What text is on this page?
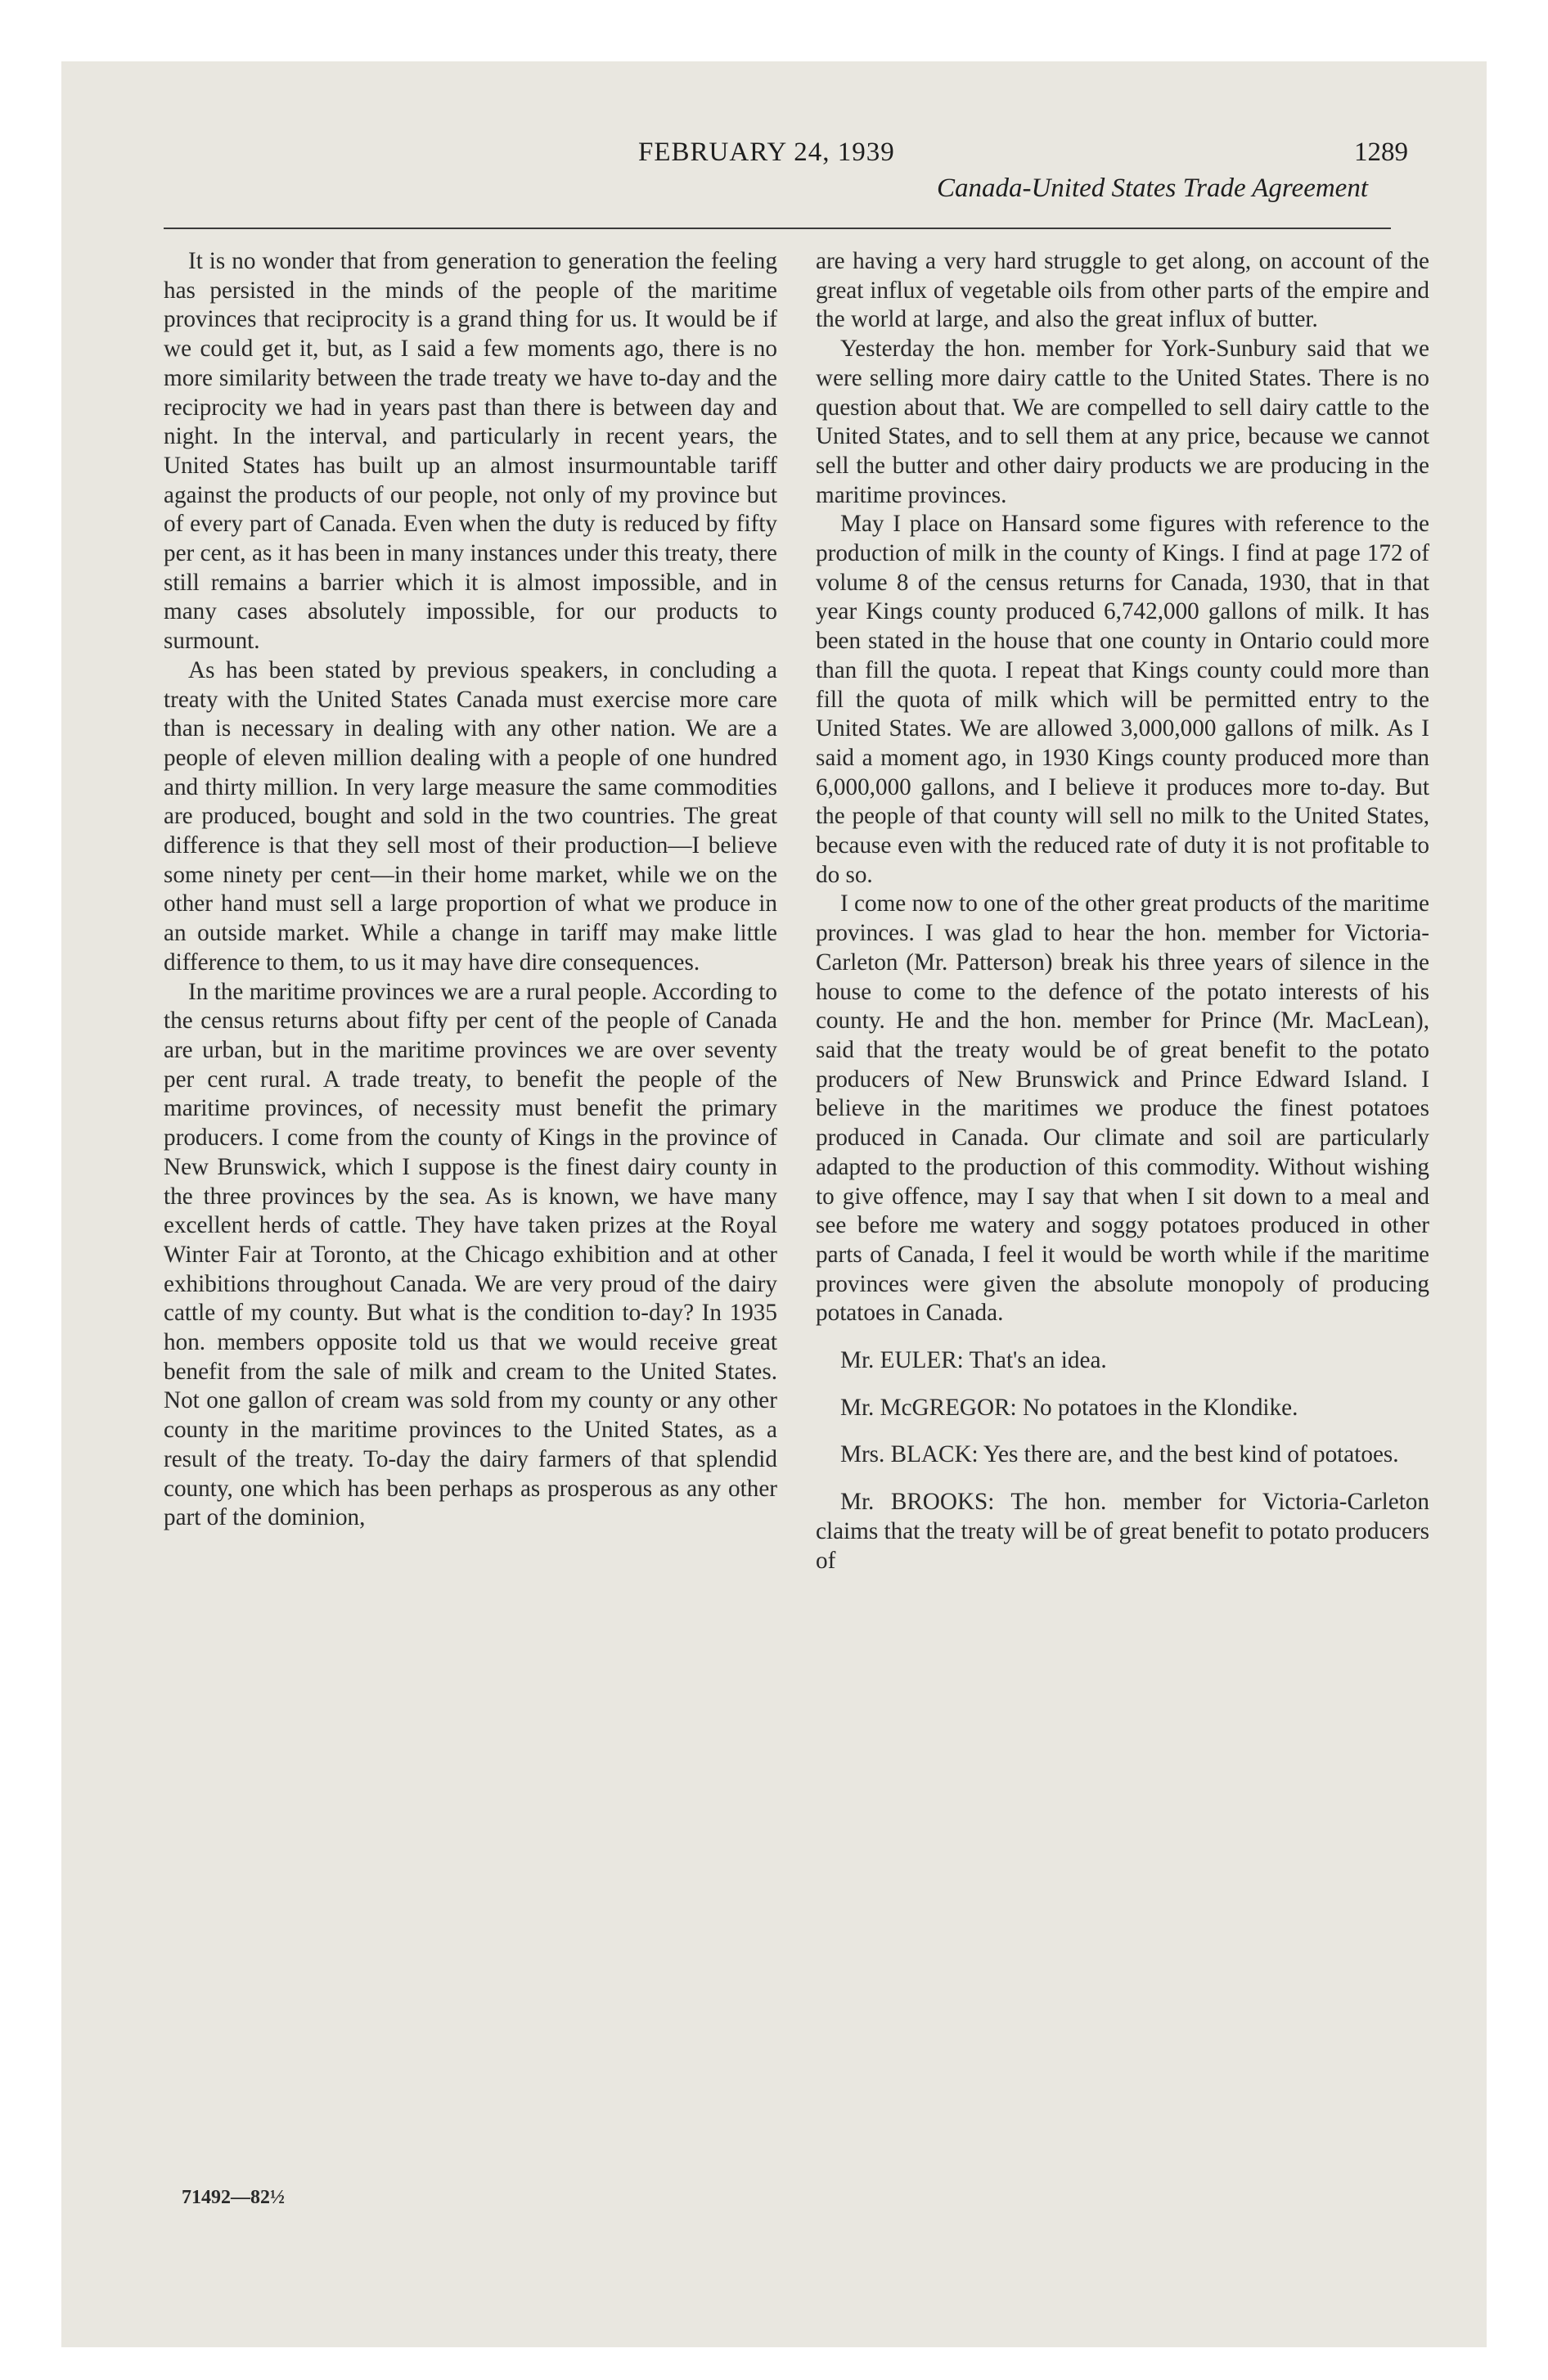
FEBRUARY 24, 1939	1289
Canada-United States Trade Agreement

It is no wonder that from generation to generation the feeling has persisted in the minds of the people of the maritime provinces that reciprocity is a grand thing for us. It would be if we could get it, but, as I said a few moments ago, there is no more similarity between the trade treaty we have to-day and the reciprocity we had in years past than there is between day and night. In the interval, and particularly in recent years, the United States has built up an almost insurmountable tariff against the products of our people, not only of my province but of every part of Canada. Even when the duty is reduced by fifty per cent, as it has been in many instances under this treaty, there still remains a barrier which it is almost impossible, and in many cases absolutely impossible, for our products to surmount.

As has been stated by previous speakers, in concluding a treaty with the United States Canada must exercise more care than is necessary in dealing with any other nation. We are a people of eleven million dealing with a people of one hundred and thirty million. In very large measure the same commodities are produced, bought and sold in the two countries. The great difference is that they sell most of their production—I believe some ninety per cent—in their home market, while we on the other hand must sell a large proportion of what we produce in an outside market. While a change in tariff may make little difference to them, to us it may have dire consequences.

In the maritime provinces we are a rural people. According to the census returns about fifty per cent of the people of Canada are urban, but in the maritime provinces we are over seventy per cent rural. A trade treaty, to benefit the people of the maritime provinces, of necessity must benefit the primary producers. I come from the county of Kings in the province of New Brunswick, which I suppose is the finest dairy county in the three provinces by the sea. As is known, we have many excellent herds of cattle. They have taken prizes at the Royal Winter Fair at Toronto, at the Chicago exhibition and at other exhibitions throughout Canada. We are very proud of the dairy cattle of my county. But what is the condition to-day? In 1935 hon. members opposite told us that we would receive great benefit from the sale of milk and cream to the United States. Not one gallon of cream was sold from my county or any other county in the maritime provinces to the United States, as a result of the treaty. To-day the dairy farmers of that splendid county, one which has been perhaps as prosperous as any other part of the dominion,

71492—82½

are having a very hard struggle to get along, on account of the great influx of vegetable oils from other parts of the empire and the world at large, and also the great influx of butter.

Yesterday the hon. member for York-Sunbury said that we were selling more dairy cattle to the United States. There is no question about that. We are compelled to sell dairy cattle to the United States, and to sell them at any price, because we cannot sell the butter and other dairy products we are producing in the maritime provinces.

May I place on Hansard some figures with reference to the production of milk in the county of Kings. I find at page 172 of volume 8 of the census returns for Canada, 1930, that in that year Kings county produced 6,742,000 gallons of milk. It has been stated in the house that one county in Ontario could more than fill the quota. I repeat that Kings county could more than fill the quota of milk which will be permitted entry to the United States. We are allowed 3,000,000 gallons of milk. As I said a moment ago, in 1930 Kings county produced more than 6,000,000 gallons, and I believe it produces more to-day. But the people of that county will sell no milk to the United States, because even with the reduced rate of duty it is not profitable to do so.

I come now to one of the other great products of the maritime provinces. I was glad to hear the hon. member for Victoria-Carleton (Mr. Patterson) break his three years of silence in the house to come to the defence of the potato interests of his county. He and the hon. member for Prince (Mr. MacLean), said that the treaty would be of great benefit to the potato producers of New Brunswick and Prince Edward Island. I believe in the maritimes we produce the finest potatoes produced in Canada. Our climate and soil are particularly adapted to the production of this commodity. Without wishing to give offence, may I say that when I sit down to a meal and see before me watery and soggy potatoes produced in other parts of Canada, I feel it would be worth while if the maritime provinces were given the absolute monopoly of producing potatoes in Canada.

Mr. EULER: That's an idea.

Mr. McGREGOR: No potatoes in the Klondike.

Mrs. BLACK: Yes there are, and the best kind of potatoes.

Mr. BROOKS: The hon. member for Victoria-Carleton claims that the treaty will be of great benefit to potato producers of
